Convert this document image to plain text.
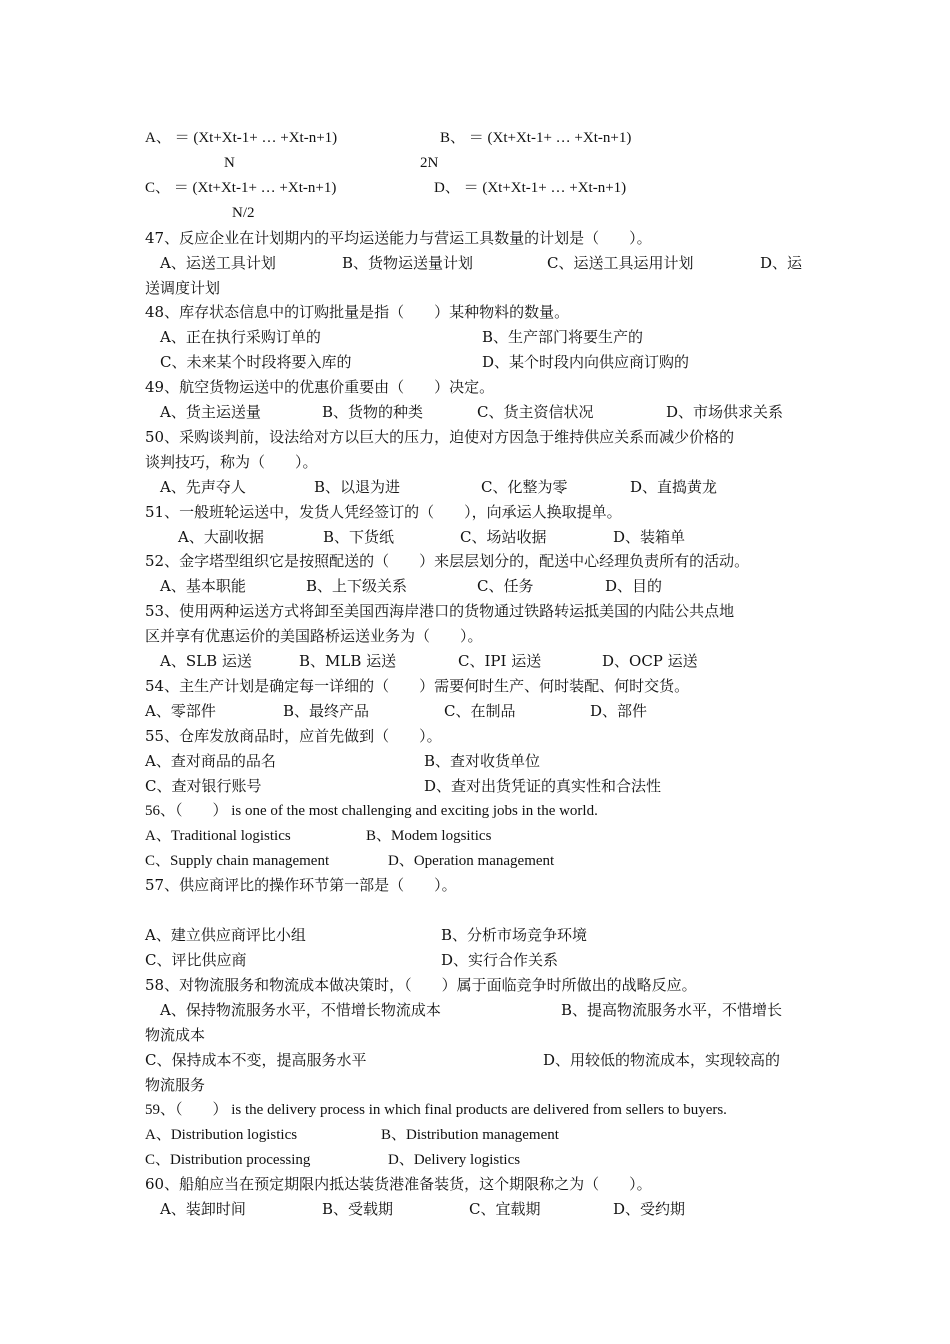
A、 ＝ (Xt+Xt-1+ … +Xt-n+1)	B、 ＝ (Xt+Xt-1+ … +Xt-n+1)
N	2N
C、 ＝ (Xt+Xt-1+ … +Xt-n+1)	D、 ＝ (Xt+Xt-1+ … +Xt-n+1)
N/2
47、反应企业在计划期内的平均运送能力与营运工具数量的计划是（　　）。
A、运送工具计划	B、货物运送量计划	C、运送工具运用计划	D、运
送调度计划
48、库存状态信息中的订购批量是指（　　）某种物料的数量。
A、正在执行采购订单的	B、生产部门将要生产的
C、未来某个时段将要入库的	D、某个时段内向供应商订购的
49、航空货物运送中的优惠价重要由（　　）决定。
A、货主运送量	B、货物的种类	C、货主资信状况	D、市场供求关系
50、采购谈判前，设法给对方以巨大的压力，迫使对方因急于维持供应关系而减少价格的
谈判技巧，称为（　　）。
A、先声夺人	B、以退为进	C、化整为零	D、直捣黄龙
51、一般班轮运送中，发货人凭经签订的（　　），向承运人换取提单。
A、大副收据	B、下货纸	C、场站收据	D、装箱单
52、金字塔型组织它是按照配送的（　　）来层层划分的，配送中心经理负责所有的活动。
A、基本职能	B、上下级关系	C、任务	D、目的
53、使用两种运送方式将卸至美国西海岸港口的货物通过铁路转运抵美国的内陆公共点地
区并享有优惠运价的美国路桥运送业务为（　　）。
A、SLB 运送	B、MLB 运送	C、IPI 运送	D、OCP 运送
54、主生产计划是确定每一详细的（　　）需要何时生产、何时装配、何时交货。
A、零部件	B、最终产品	C、在制品	D、部件
55、仓库发放商品时，应首先做到（　　）。
A、查对商品的品名	B、查对收货单位
C、查对银行账号	D、查对出货凭证的真实性和合法性
56、（　　） is one of the most challenging and exciting jobs in the world.
A、Traditional logistics	B、Modem logsitics
C、Supply chain management	D、Operation management
57、供应商评比的操作环节第一部是（　　）。
A、建立供应商评比小组	B、分析市场竞争环境
C、评比供应商	D、实行合作关系
58、对物流服务和物流成本做决策时，（　　）属于面临竞争时所做出的战略反应。
A、保持物流服务水平，不惜增长物流成本	B、提高物流服务水平，不惜增长
物流成本
C、保持成本不变，提高服务水平	D、用较低的物流成本，实现较高的
物流服务
59、（　　） is the delivery process in which final products are delivered from sellers to buyers.
A、Distribution logistics	B、Distribution management
C、Distribution processing	D、Delivery logistics
60、船舶应当在预定期限内抵达装货港准备装货，这个期限称之为（　　）。
A、装卸时间	B、受载期	C、宜载期	D、受约期
